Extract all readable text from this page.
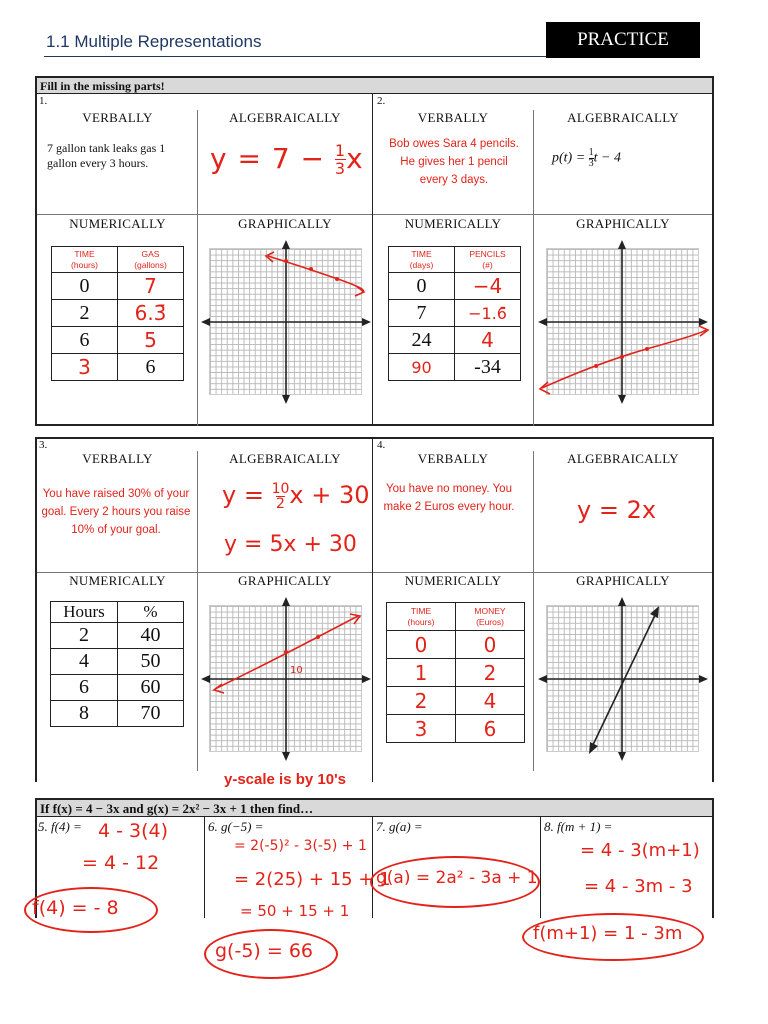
1.1 Multiple Representations	PRACTICE
Fill in the missing parts!
1.
VERBALLY	ALGEBRAICALLY
7 gallon tank leaks gas 1 gallon every 3 hours.	y = 7 − 1
3x
NUMERICALLY	GRAPHICALLY
TIME
(hours)	GAS
(gallons)
0	7
2	6.3̄
6	5
3	6
2.
VERBALLY	ALGEBRAICALLY
Bob owes Sara 4 pencils. He gives her 1 pencil every 3 days.
p(t) = 1
3t − 4
NUMERICALLY	GRAPHICALLY
TIME
(days)	PENCILS
(#)
0	−4
7	−1.6̄
24	4
90	-34
3.
VERBALLY	ALGEBRAICALLY
You have raised 30% of your goal. Every 2 hours you raise 10% of your goal.
y = 10
2 x + 30
y = 5x + 30
NUMERICALLY	GRAPHICALLY
Hours	%
2	40
4	50
6	60
8	70
10
y-scale is by 10's
4.
VERBALLY	ALGEBRAICALLY
You have no money. You make 2 Euros every hour.	y = 2x
NUMERICALLY	GRAPHICALLY
TIME
(hours)	MONEY
(Euros)
0	0
1	2
2	4
3	6
If f(x) = 4 − 3x and g(x) = 2x² − 3x + 1 then find…
5. f(4) = 4 - 3(4)
= 4 - 12
f(4) = - 8
6. g(−5) =
= 2(-5)² - 3(-5) + 1
= 2(25) + 15 + 1
= 50 + 15 + 1
g(-5) = 66
7. g(a) =
g(a) = 2a² - 3a + 1
8. f(m + 1) =
= 4 - 3(m+1)
= 4 - 3m - 3
f(m+1) = 1 - 3m
